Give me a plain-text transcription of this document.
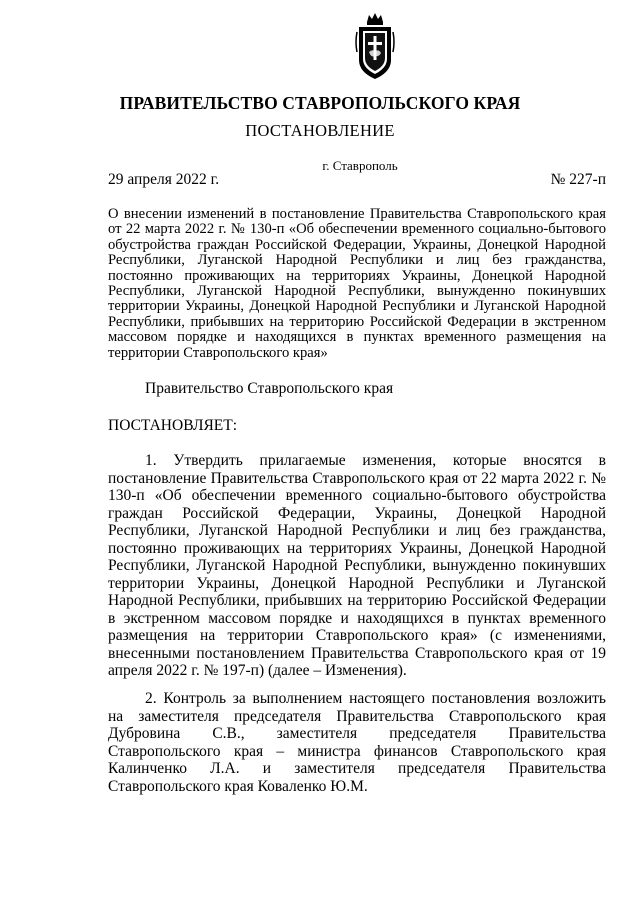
ПРАВИТЕЛЬСТВО СТАВРОПОЛЬСКОГО КРАЯ
ПОСТАНОВЛЕНИЕ
г. Ставрополь
29 апреля 2022 г.	№ 227-п
О внесении изменений в постановление Правительства Ставропольского края от 22 марта 2022 г. № 130-п «Об обеспечении временного социально-бытового обустройства граждан Российской Федерации, Украины, Донецкой Народной Республики, Луганской Народной Республики и лиц без гражданства, постоянно проживающих на территориях Украины, Донецкой Народной Республики, Луганской Народной Республики, вынужденно покинувших территории Украины, Донецкой Народной Республики и Луганской Народной Республики, прибывших на территорию Российской Федерации в экстренном массовом порядке и находящихся в пунктах временного размещения на территории Ставропольского края»
Правительство Ставропольского края
ПОСТАНОВЛЯЕТ:
1. Утвердить прилагаемые изменения, которые вносятся в постановление Правительства Ставропольского края от 22 марта 2022 г. № 130-п «Об обеспечении временного социально-бытового обустройства граждан Российской Федерации, Украины, Донецкой Народной Республики, Луганской Народной Республики и лиц без гражданства, постоянно проживающих на территориях Украины, Донецкой Народной Республики, Луганской Народной Республики, вынужденно покинувших территории Украины, Донецкой Народной Республики и Луганской Народной Республики, прибывших на территорию Российской Федерации в экстренном массовом порядке и находящихся в пунктах временного размещения на территории Ставропольского края» (с изменениями, внесенными постановлением Правительства Ставропольского края от 19 апреля 2022 г. № 197-п) (далее – Изменения).
2. Контроль за выполнением настоящего постановления возложить на заместителя председателя Правительства Ставропольского края Дубровина С.В., заместителя председателя Правительства Ставропольского края – министра финансов Ставропольского края Калинченко Л.А. и заместителя председателя Правительства Ставропольского края Коваленко Ю.М.
